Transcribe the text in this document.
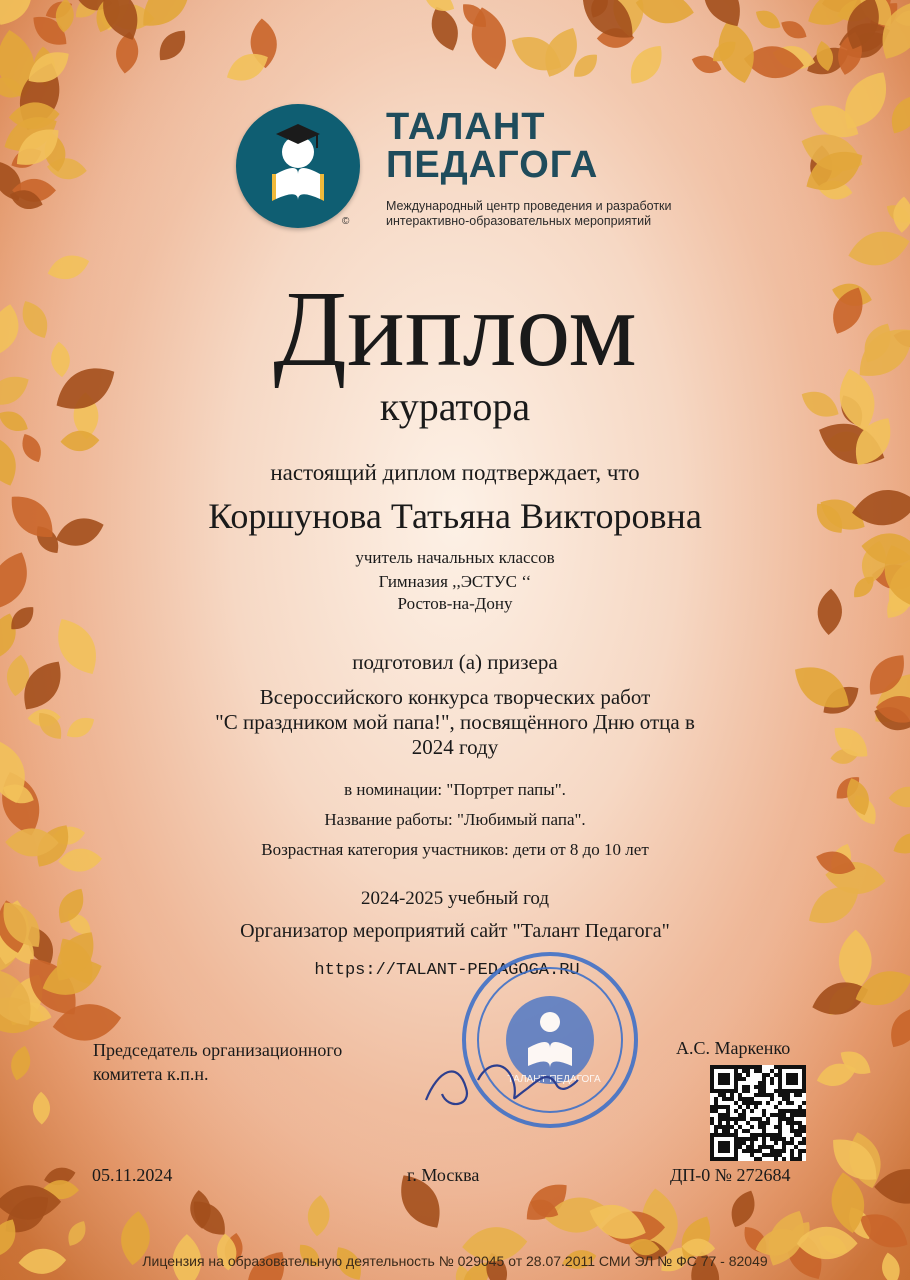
ТАЛАНТ
ПЕДАГОГА
Международный центр проведения и разработки
интерактивно-образовательных мероприятий
©
Диплом
куратора
настоящий диплом подтверждает, что
Коршунова Татьяна Викторовна
учитель начальных классов
Гимназия ,,ЭСТУС ‘‘
Ростов-на-Дону
подготовил (а) призера
Всероссийского конкурса творческих работ
"С праздником мой папа!", посвящённого Дню отца в
2024 году
в номинации: "Портрет папы".
Название работы: "Любимый папа".
Возрастная категория участников: дети от 8 до 10 лет
2024-2025 учебный год
Организатор мероприятий сайт "Талант Педагога"
https://TALANT-PEDAGOGA.RU
ТАЛАНТ ПЕДАГОГА
Председатель организационного
комитета к.п.н.
А.С. Маркенко
05.11.2024	г. Москва	ДП-0 № 272684
Лицензия на образовательную деятельность № 029045 от 28.07.2011 СМИ ЭЛ № ФС 77 - 82049
